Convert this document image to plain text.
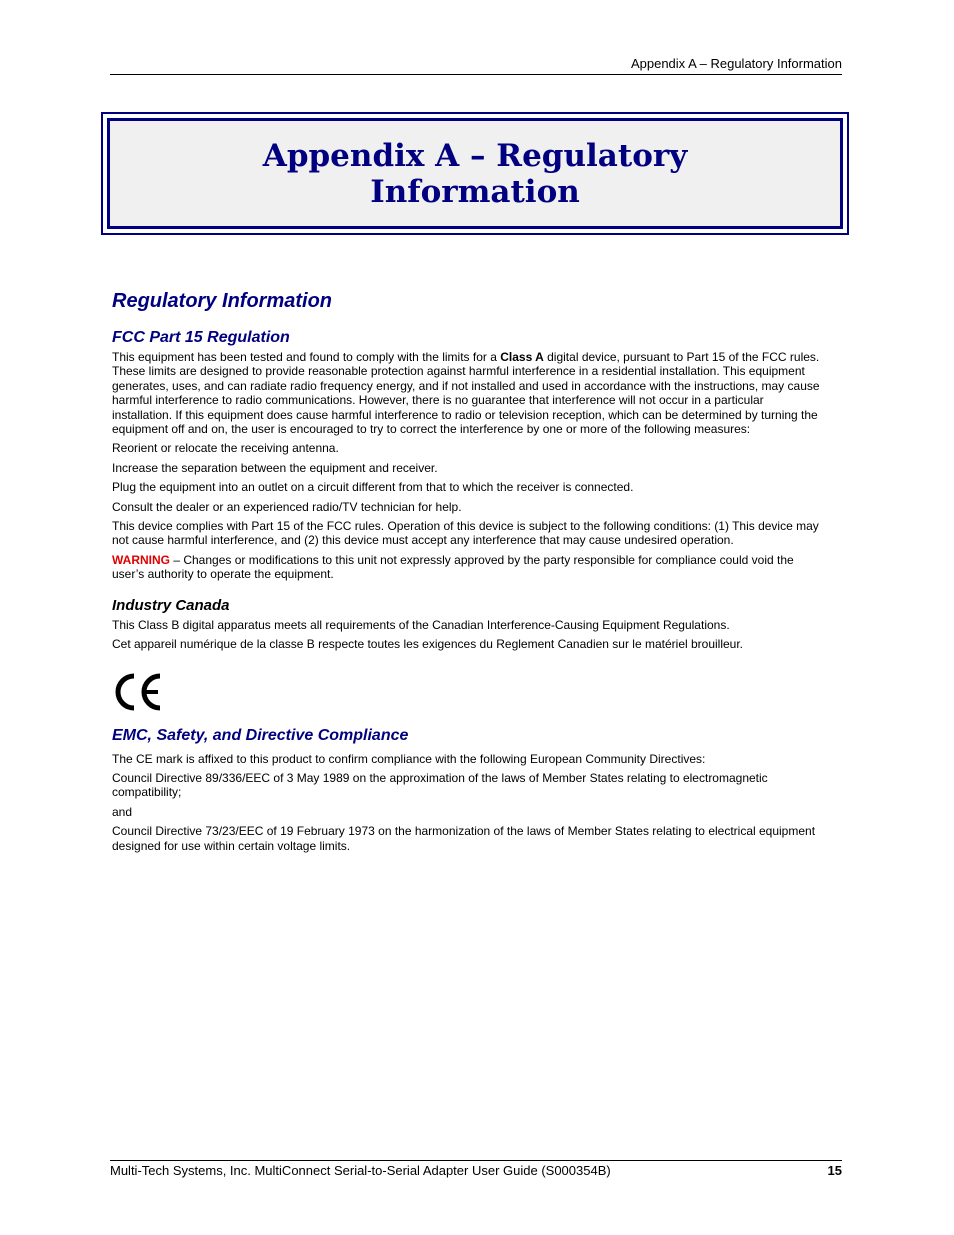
Appendix A – Regulatory Information
Appendix A – Regulatory
Information
Regulatory Information
FCC Part 15 Regulation

This equipment has been tested and found to comply with the limits for a Class A digital device, pursuant to Part 15 of the FCC rules. These limits are designed to provide reasonable protection against harmful interference in a residential installation. This equipment generates, uses, and can radiate radio frequency energy, and if not installed and used in accordance with the instructions, may cause harmful interference to radio communications. However, there is no guarantee that interference will not occur in a particular installation. If this equipment does cause harmful interference to radio or television reception, which can be determined by turning the equipment off and on, the user is encouraged to try to correct the interference by one or more of the following measures:

Reorient or relocate the receiving antenna.

Increase the separation between the equipment and receiver.

Plug the equipment into an outlet on a circuit different from that to which the receiver is connected.

Consult the dealer or an experienced radio/TV technician for help.

This device complies with Part 15 of the FCC rules. Operation of this device is subject to the following conditions: (1) This device may not cause harmful interference, and (2) this device must accept any interference that may cause undesired operation.

WARNING – Changes or modifications to this unit not expressly approved by the party responsible for compliance could void the user’s authority to operate the equipment.

Industry Canada

This Class B digital apparatus meets all requirements of the Canadian Interference-Causing Equipment Regulations.

Cet appareil numérique de la classe B respecte toutes les exigences du Reglement Canadien sur le matériel brouilleur.

EMC, Safety, and Directive Compliance

The CE mark is affixed to this product to confirm compliance with the following European Community Directives:

Council Directive 89/336/EEC of 3 May 1989 on the approximation of the laws of Member States relating to electromagnetic compatibility;

and

Council Directive 73/23/EEC of 19 February 1973 on the harmonization of the laws of Member States relating to electrical equipment designed for use within certain voltage limits.

Multi-Tech Systems, Inc. MultiConnect Serial-to-Serial Adapter User Guide (S000354B)	15
